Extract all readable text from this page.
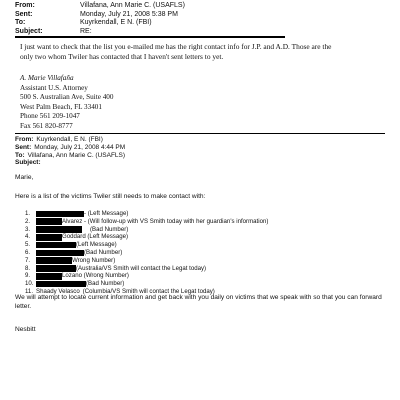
From:	Villafana, Ann Marie C. (USAFLS)
Sent:	Monday, July 21, 2008 5:38 PM
To:	Kuyrkendall, E N. (FBI)
Subject:	RE:
I just want to check that the list you e-mailed me has the right contact info for J.P. and A.D. Those are the only two whom Twiler has contacted that I haven't sent letters to yet.
A. Marie Villafaña
Assistant U.S. Attorney
500 S. Australian Ave, Suite 400
West Palm Beach, FL 33401
Phone 561 209-1047
Fax 561 820-8777
From: Kuyrkendall, E N. (FBI)
Sent: Monday, July 21, 2008 4:44 PM
To: Villafana, Ann Marie C. (USAFLS)
Subject:
Marie,
Here is a list of the victims Twiler still needs to make contact with:
1.	- (Left Message)
2.	Alvarez - (Will follow-up with VS Smith today with her guardian's information)
3.	(Bad Number)
4.	Goddard (Left Message)
5.	(Left Message)
6.	(Bad Number)
7.	Wrong Number)
8.	(Australia/VS Smith will contact the Legat today)
9.	Lozano (Wrong Number)
10.	(Bad Number)
11. Shaady Velasco (Columbia/VS Smith will contact the Legat today)
We will attempt to locate current information and get back with you daily on victims that we speak with so that you can forward letter.
Nesbitt
